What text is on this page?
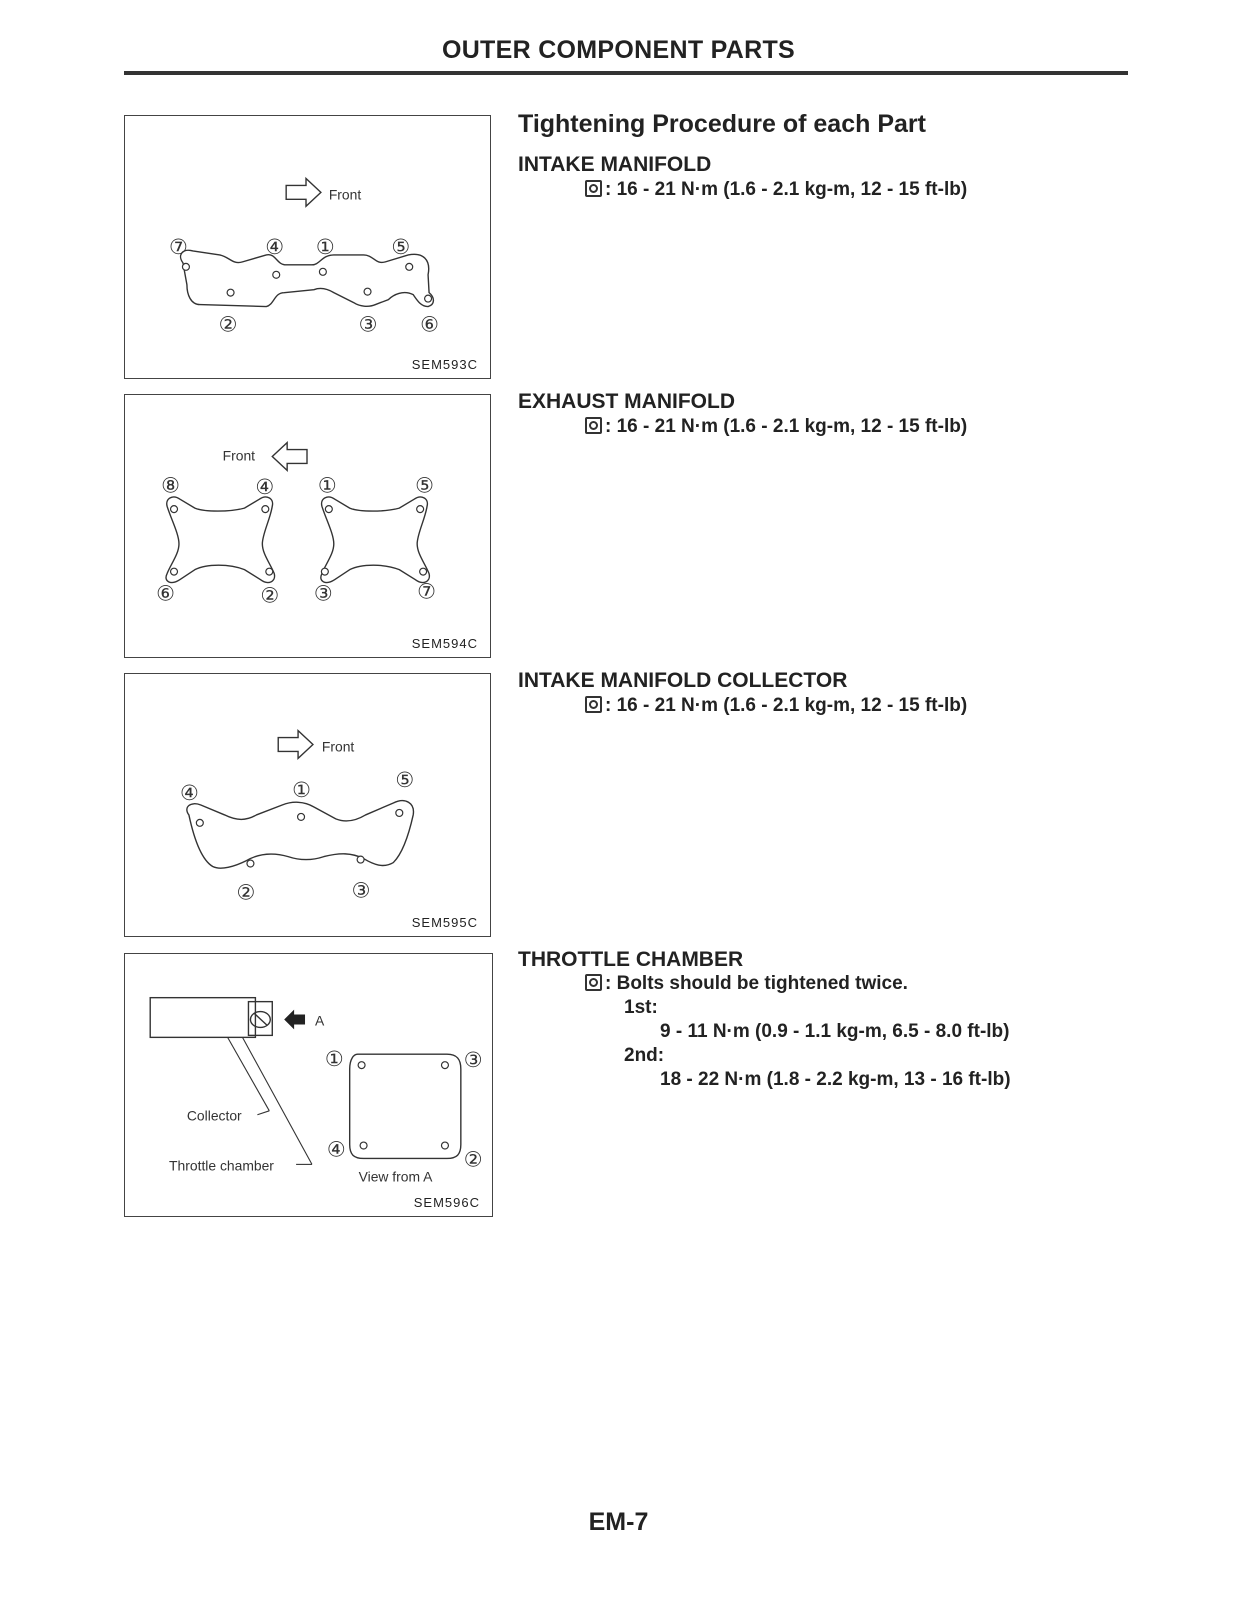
OUTER COMPONENT PARTS
Front
⑦	④ ①	⑤
②	③ ⑥
SEM593C
Front
⑧	④ ①	⑤
⑥	② ③	⑦
SEM594C
Front
④	①	⑤
②	③
SEM595C
A
Collector
Throttle chamber
①	③
④	②
View from A
SEM596C
Tightening Procedure of each Part
INTAKE MANIFOLD
: 16 - 21 N·m (1.6 - 2.1 kg-m, 12 - 15 ft-lb)
EXHAUST MANIFOLD
: 16 - 21 N·m (1.6 - 2.1 kg-m, 12 - 15 ft-lb)
INTAKE MANIFOLD COLLECTOR
: 16 - 21 N·m (1.6 - 2.1 kg-m, 12 - 15 ft-lb)
THROTTLE CHAMBER
: Bolts should be tightened twice.
1st:
9 - 11 N·m (0.9 - 1.1 kg-m, 6.5 - 8.0 ft-lb)
2nd:
18 - 22 N·m (1.8 - 2.2 kg-m, 13 - 16 ft-lb)
EM-7
